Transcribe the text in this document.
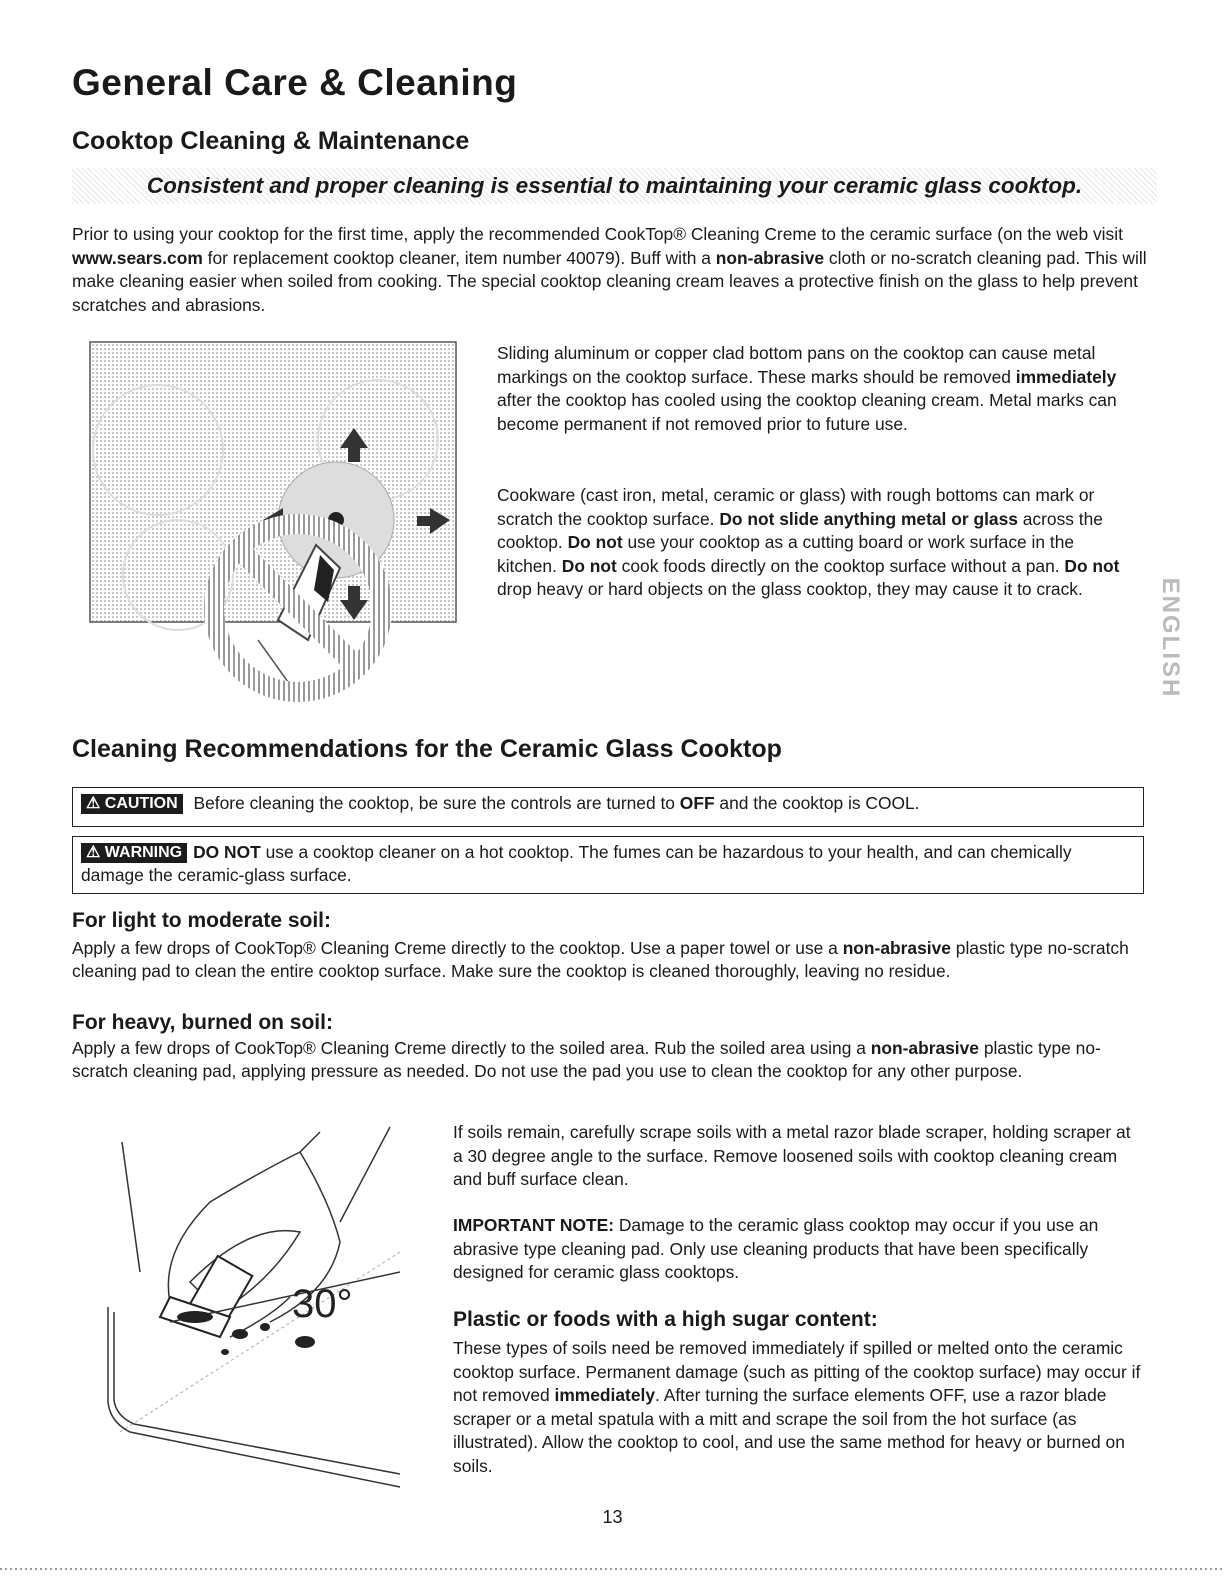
General Care & Cleaning
Cooktop Cleaning & Maintenance
Consistent and proper cleaning is essential to maintaining your ceramic glass cooktop.

Prior to using your cooktop for the first time, apply the recommended CookTop® Cleaning Creme to the ceramic surface (on the web visit www.sears.com for replacement cooktop cleaner, item number 40079). Buff with a non-abrasive cloth or no-scratch cleaning pad. This will make cleaning easier when soiled from cooking. The special cooktop cleaning cream leaves a protective finish on the glass to help prevent scratches and abrasions.

Sliding aluminum or copper clad bottom pans on the cooktop can cause metal markings on the cooktop surface. These marks should be removed immediately after the cooktop has cooled using the cooktop cleaning cream. Metal marks can become permanent if not removed prior to future use.

Cookware (cast iron, metal, ceramic or glass) with rough bottoms can mark or scratch the cooktop surface. Do not slide anything metal or glass across the cooktop. Do not use your cooktop as a cutting board or work surface in the kitchen. Do not cook foods directly on the cooktop surface without a pan. Do not drop heavy or hard objects on the glass cooktop, they may cause it to crack.	ENGLISH
Cleaning Recommendations for the Ceramic Glass Cooktop
⚠ CAUTION Before cleaning the cooktop, be sure the controls are turned to OFF and the cooktop is COOL.
⚠ WARNING DO NOT use a cooktop cleaner on a hot cooktop. The fumes can be hazardous to your health, and can chemically damage the ceramic-glass surface.
For light to moderate soil:

Apply a few drops of CookTop® Cleaning Creme directly to the cooktop. Use a paper towel or use a non-abrasive plastic type no-scratch cleaning pad to clean the entire cooktop surface. Make sure the cooktop is cleaned thoroughly, leaving no residue.

For heavy, burned on soil:

Apply a few drops of CookTop® Cleaning Creme directly to the soiled area. Rub the soiled area using a non-abrasive plastic type no-scratch cleaning pad, applying pressure as needed. Do not use the pad you use to clean the cooktop for any other purpose.

30°

If soils remain, carefully scrape soils with a metal razor blade scraper, holding scraper at a 30 degree angle to the surface. Remove loosened soils with cooktop cleaning cream and buff surface clean.

IMPORTANT NOTE: Damage to the ceramic glass cooktop may occur if you use an abrasive type cleaning pad. Only use cleaning products that have been specifically designed for ceramic glass cooktops.

Plastic or foods with a high sugar content:

These types of soils need be removed immediately if spilled or melted onto the ceramic cooktop surface. Permanent damage (such as pitting of the cooktop surface) may occur if not removed immediately. After turning the surface elements OFF, use a razor blade scraper or a metal spatula with a mitt and scrape the soil from the hot surface (as illustrated). Allow the cooktop to cool, and use the same method for heavy or burned on soils.

13
